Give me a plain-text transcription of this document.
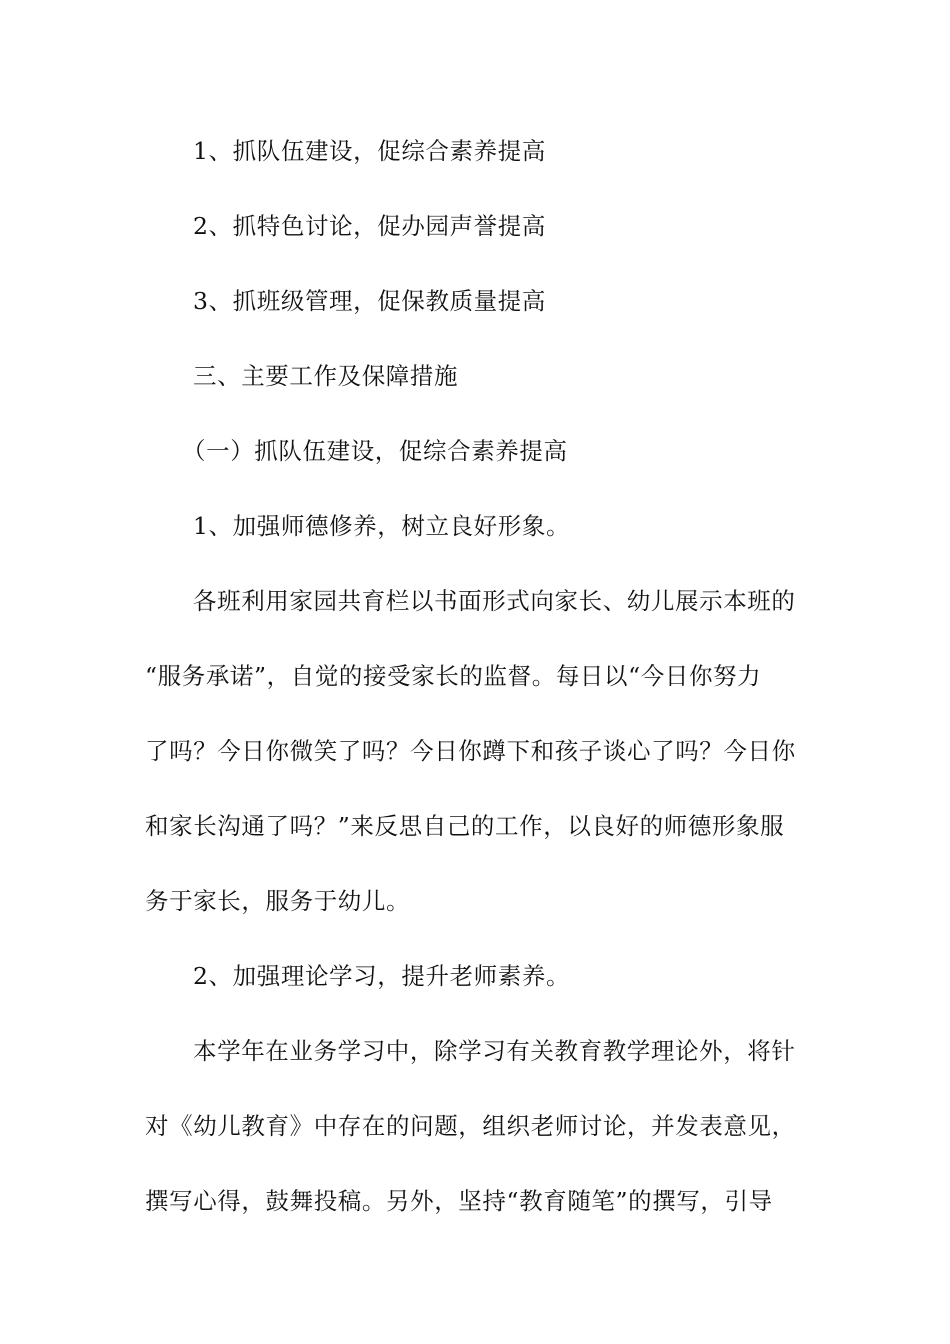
1、抓队伍建设，促综合素养提高

2、抓特色讨论，促办园声誉提高

3、抓班级管理，促保教质量提高

三、主要工作及保障措施

（一）抓队伍建设，促综合素养提高

1、加强师德修养，树立良好形象。

各班利用家园共育栏以书面形式向家长、幼儿展示本班的

“服务承诺”，自觉的接受家长的监督。每日以“今日你努力

了吗？今日你微笑了吗？今日你蹲下和孩子谈心了吗？今日你

和家长沟通了吗？”来反思自己的工作，以良好的师德形象服

务于家长，服务于幼儿。

2、加强理论学习，提升老师素养。

本学年在业务学习中，除学习有关教育教学理论外，将针

对《幼儿教育》中存在的问题，组织老师讨论，并发表意见，

撰写心得，鼓舞投稿。另外，坚持“教育随笔”的撰写，引导
